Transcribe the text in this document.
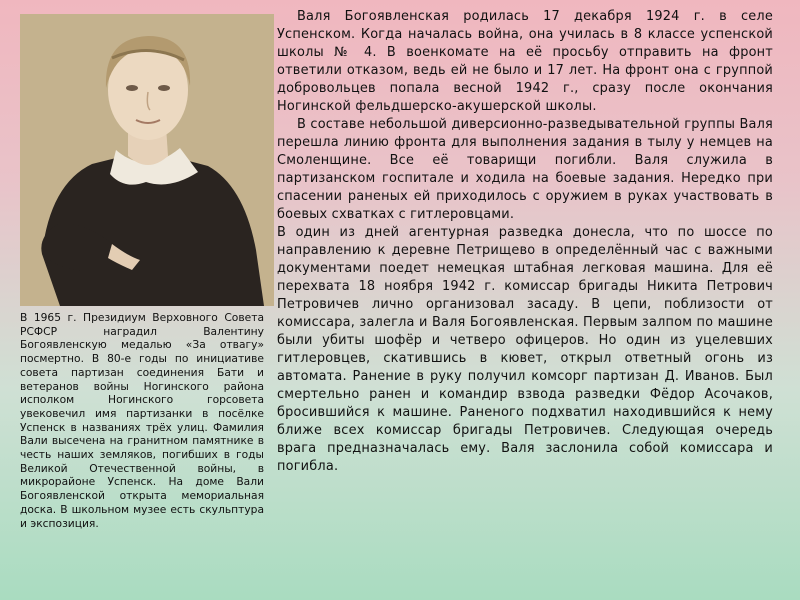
В 1965 г. Президиум Верховного Совета РСФСР наградил Валентину Богоявленскую медалью «За отвагу» посмертно. В 80-е годы по инициативе совета партизан соединения Бати и ветеранов войны Ногинского района исполком Ногинского горсовета увековечил имя партизанки в посёлке Успенск в названиях трёх улиц. Фамилия Вали высечена на гранитном памятнике в честь наших земляков, погибших в годы Великой Отечественной войны, в микрорайоне Успенск. На доме Вали Богоявленской открыта мемориальная доска. В школьном музее есть скульптура и экспозиция.

Валя Богоявленская родилась 17 декабря 1924 г. в селе Успенском. Когда началась война, она училась в 8 классе успенской школы № 4. В военкомате на её просьбу отправить на фронт ответили отказом, ведь ей не было и 17 лет. На фронт она с группой добровольцев попала весной 1942 г., сразу после окончания Ногинской фельдшерско-акушерской школы.

В составе небольшой диверсионно-разведывательной группы Валя перешла линию фронта для выполнения задания в тылу у немцев на Смоленщине. Все её товарищи погибли. Валя служила в партизанском госпитале и ходила на боевые задания. Нередко при спасении раненых ей приходилось с оружием в руках участвовать в боевых схватках с гитлеровцами.

В один из дней агентурная разведка донесла, что по шоссе по направлению к деревне Петрищево в определённый час с важными документами поедет немецкая штабная легковая машина. Для её перехвата 18 ноября 1942 г. комиссар бригады Никита Петрович Петровичев лично организовал засаду. В цепи, поблизости от комиссара, залегла и Валя Богоявленская. Первым залпом по машине были убиты шофёр и четверо офицеров. Но один из уцелевших гитлеровцев, скатившись в кювет, открыл ответный огонь из автомата. Ранение в руку получил комсорг партизан Д. Иванов. Был смертельно ранен и командир взвода разведки Фёдор Асочаков, бросившийся к машине. Раненого подхватил находившийся к нему ближе всех комиссар бригады Петровичев. Следующая очередь врага предназначалась ему. Валя заслонила собой комиссара и погибла.
